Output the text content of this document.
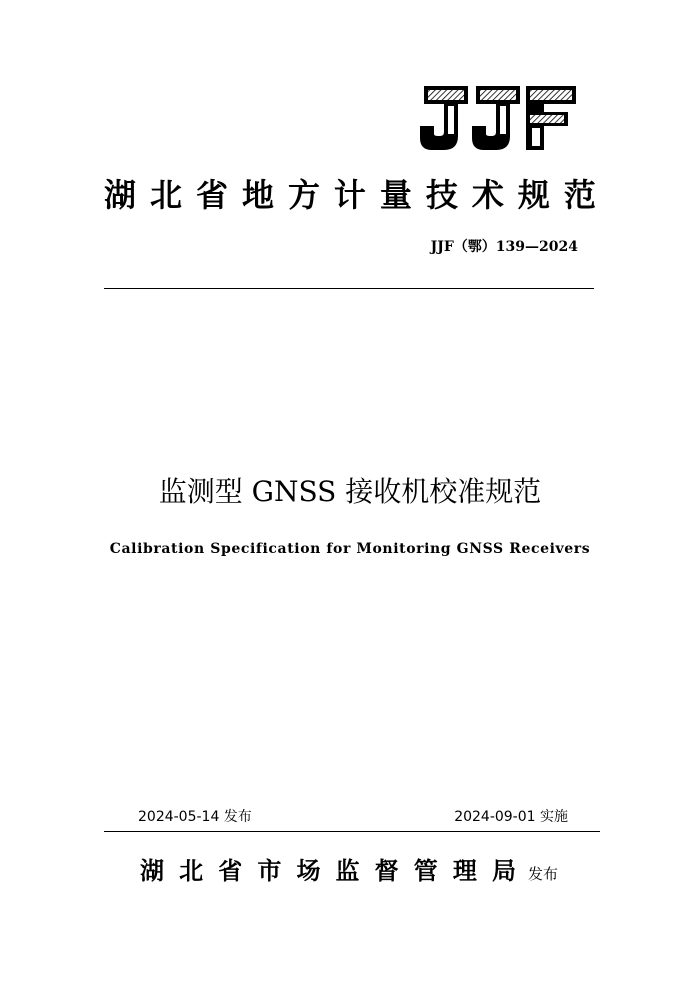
湖 北 省 地 方 计 量 技 术 规 范
JJF（鄂）139—2024
监测型 GNSS 接收机校准规范
Calibration Specification for Monitoring GNSS Receivers
2024-05-14 发布	2024-09-01 实施
湖 北 省 市 场 监 督 管 理 局 发布
